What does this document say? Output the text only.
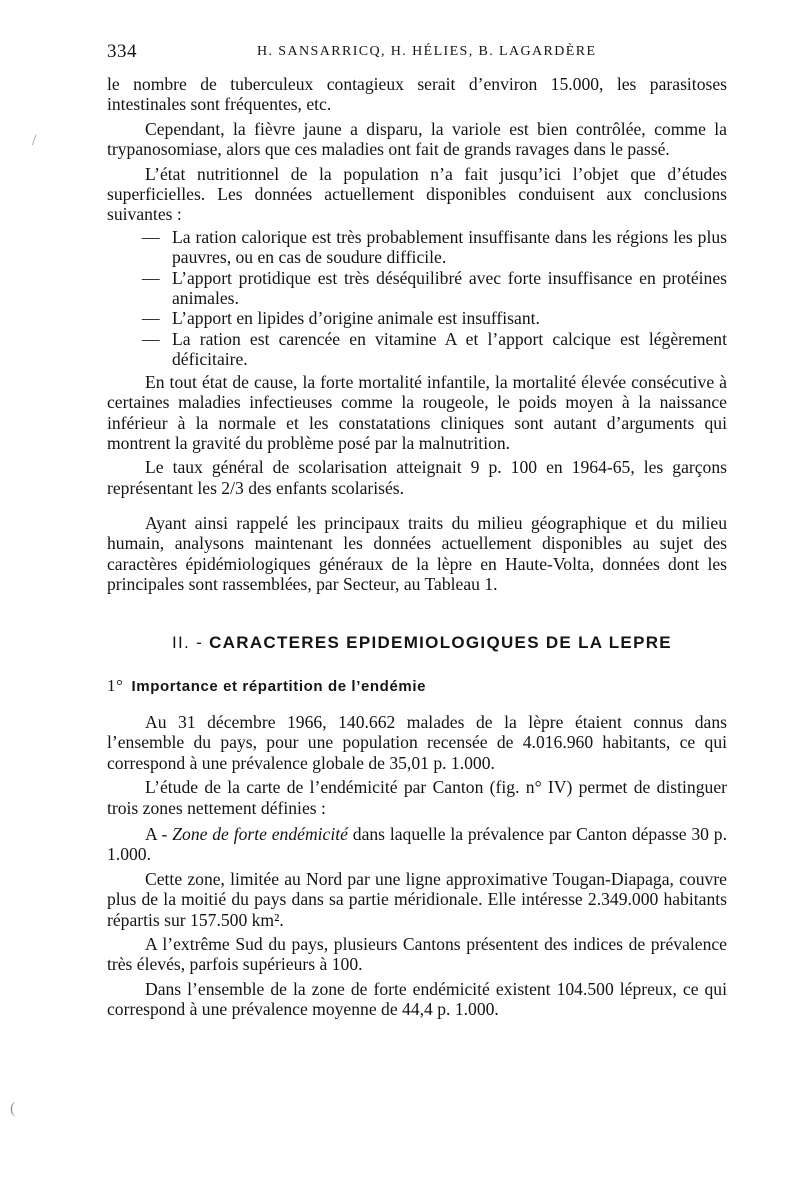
334	H. SANSARRICQ, H. HÉLIES, B. LAGARDÈRE
/
(

le nombre de tuberculeux contagieux serait d’environ 15.000, les parasitoses intestinales sont fréquentes, etc.

Cependant, la fièvre jaune a disparu, la variole est bien contrôlée, comme la trypanosomiase, alors que ces maladies ont fait de grands ravages dans le passé.

L’état nutritionnel de la population n’a fait jusqu’ici l’objet que d’études superficielles. Les données actuellement disponibles conduisent aux conclusions suivantes :

— La ration calorique est très probablement insuffisante dans les régions les plus pauvres, ou en cas de soudure difficile.
— L’apport protidique est très déséquilibré avec forte insuffisance en protéines animales.
— L’apport en lipides d’origine animale est insuffisant.
— La ration est carencée en vitamine A et l’apport calcique est légèrement déficitaire.

En tout état de cause, la forte mortalité infantile, la mortalité élevée consécutive à certaines maladies infectieuses comme la rougeole, le poids moyen à la naissance inférieur à la normale et les constatations cliniques sont autant d’arguments qui montrent la gravité du problème posé par la malnutrition.

Le taux général de scolarisation atteignait 9 p. 100 en 1964-65, les garçons représentant les 2/3 des enfants scolarisés.

Ayant ainsi rappelé les principaux traits du milieu géographique et du milieu humain, analysons maintenant les données actuellement disponibles au sujet des caractères épidémiologiques généraux de la lèpre en Haute-Volta, données dont les principales sont rassemblées, par Secteur, au Tableau 1.

II. - CARACTERES EPIDEMIOLOGIQUES DE LA LEPRE
1° Importance et répartition de l’endémie

Au 31 décembre 1966, 140.662 malades de la lèpre étaient connus dans l’ensemble du pays, pour une population recensée de 4.016.960 habitants, ce qui correspond à une prévalence globale de 35,01 p. 1.000.

L’étude de la carte de l’endémicité par Canton (fig. n° IV) permet de distinguer trois zones nettement définies :

A - Zone de forte endémicité dans laquelle la prévalence par Canton dépasse 30 p. 1.000.

Cette zone, limitée au Nord par une ligne approximative Tougan-Diapaga, couvre plus de la moitié du pays dans sa partie méridionale. Elle intéresse 2.349.000 habitants répartis sur 157.500 km².

A l’extrême Sud du pays, plusieurs Cantons présentent des indices de prévalence très élevés, parfois supérieurs à 100.

Dans l’ensemble de la zone de forte endémicité existent 104.500 lépreux, ce qui correspond à une prévalence moyenne de 44,4 p. 1.000.
